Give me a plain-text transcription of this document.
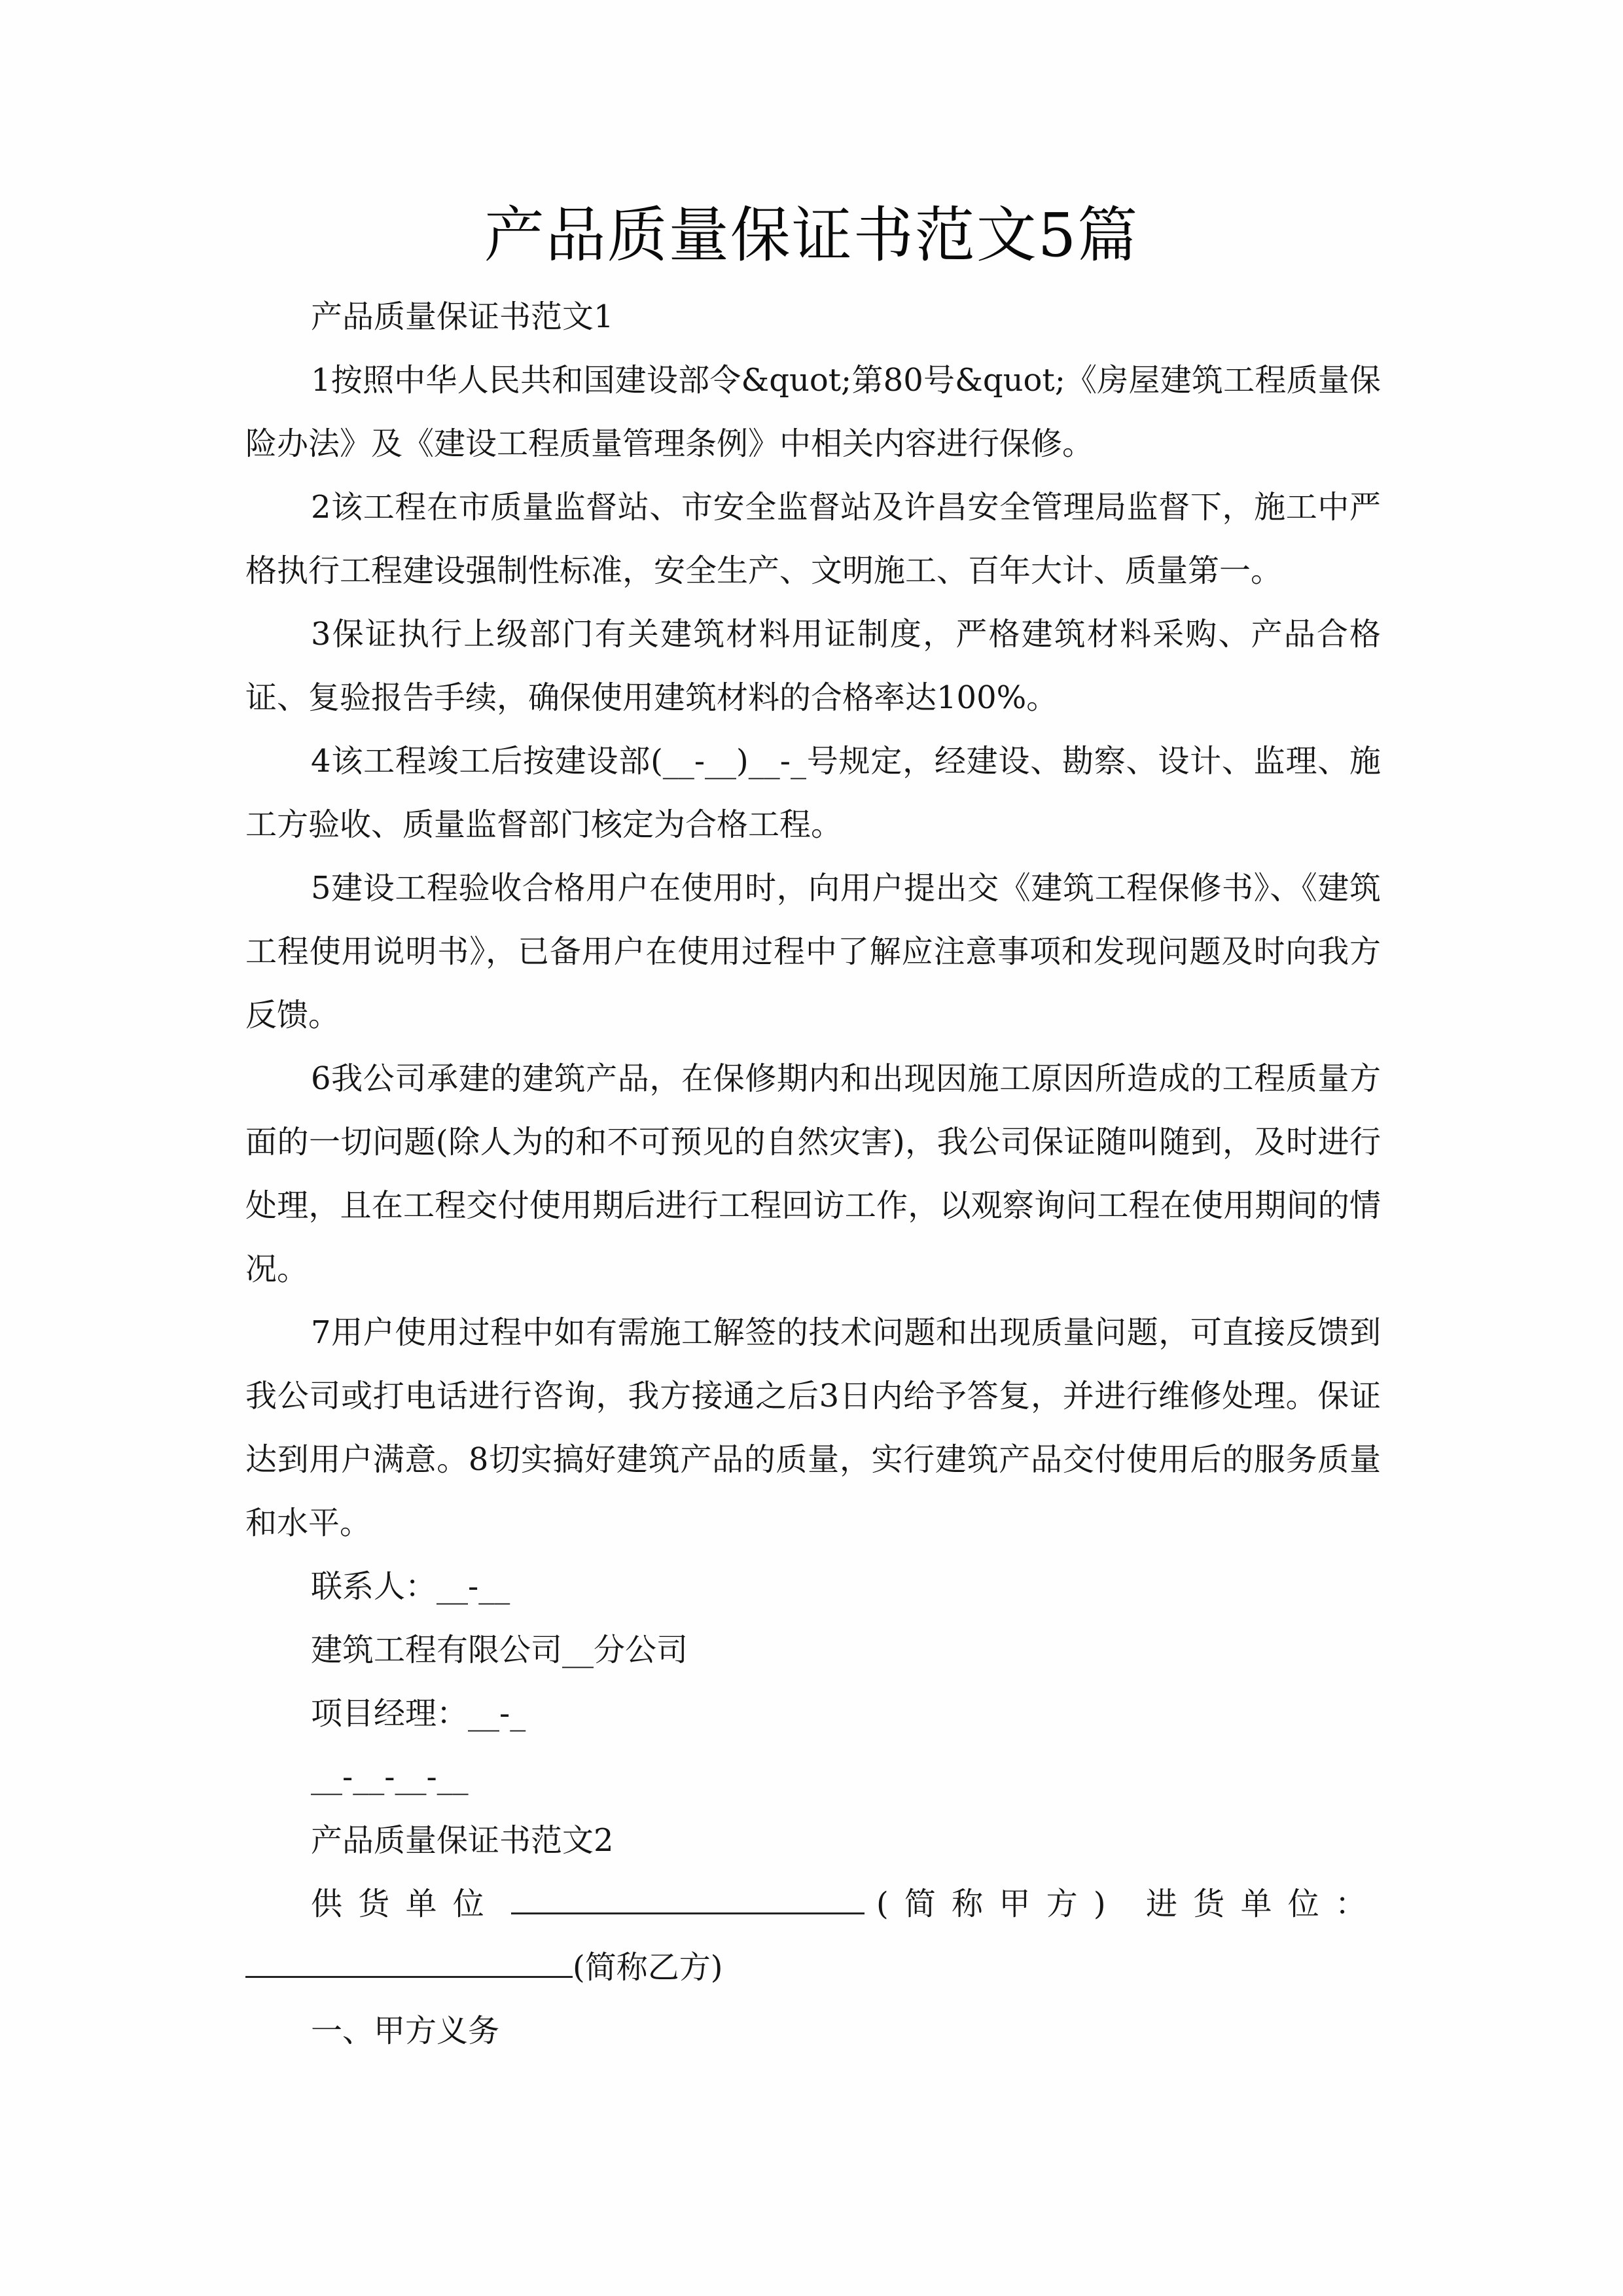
产品质量保证书范文5篇

产品质量保证书范文1

1按照中华人民共和国建设部令&quot;第80号&quot;《房屋建筑工程质量保险办法》及《建设工程质量管理条例》中相关内容进行保修。

2该工程在市质量监督站、市安全监督站及许昌安全管理局监督下，施工中严格执行工程建设强制性标准，安全生产、文明施工、百年大计、质量第一。

3保证执行上级部门有关建筑材料用证制度，严格建筑材料采购、产品合格证、复验报告手续，确保使用建筑材料的合格率达100%。

4该工程竣工后按建设部(__-__)__-_号规定，经建设、勘察、设计、监理、施工方验收、质量监督部门核定为合格工程。

5建设工程验收合格用户在使用时，向用户提出交《建筑工程保修书》、《建筑工程使用说明书》，已备用户在使用过程中了解应注意事项和发现问题及时向我方反馈。

6我公司承建的建筑产品，在保修期内和出现因施工原因所造成的工程质量方面的一切问题(除人为的和不可预见的自然灾害)，我公司保证随叫随到，及时进行处理，且在工程交付使用期后进行工程回访工作，以观察询问工程在使用期间的情况。

7用户使用过程中如有需施工解签的技术问题和出现质量问题，可直接反馈到我公司或打电话进行咨询，我方接通之后3日内给予答复，并进行维修处理。保证达到用户满意。8切实搞好建筑产品的质量，实行建筑产品交付使用后的服务质量和水平。

联系人：__-__

建筑工程有限公司__分公司

项目经理：__-_

__-__-__-__

产品质量保证书范文2

供货单位	(简称甲方) 进货单位：

(简称乙方)

一、甲方义务
